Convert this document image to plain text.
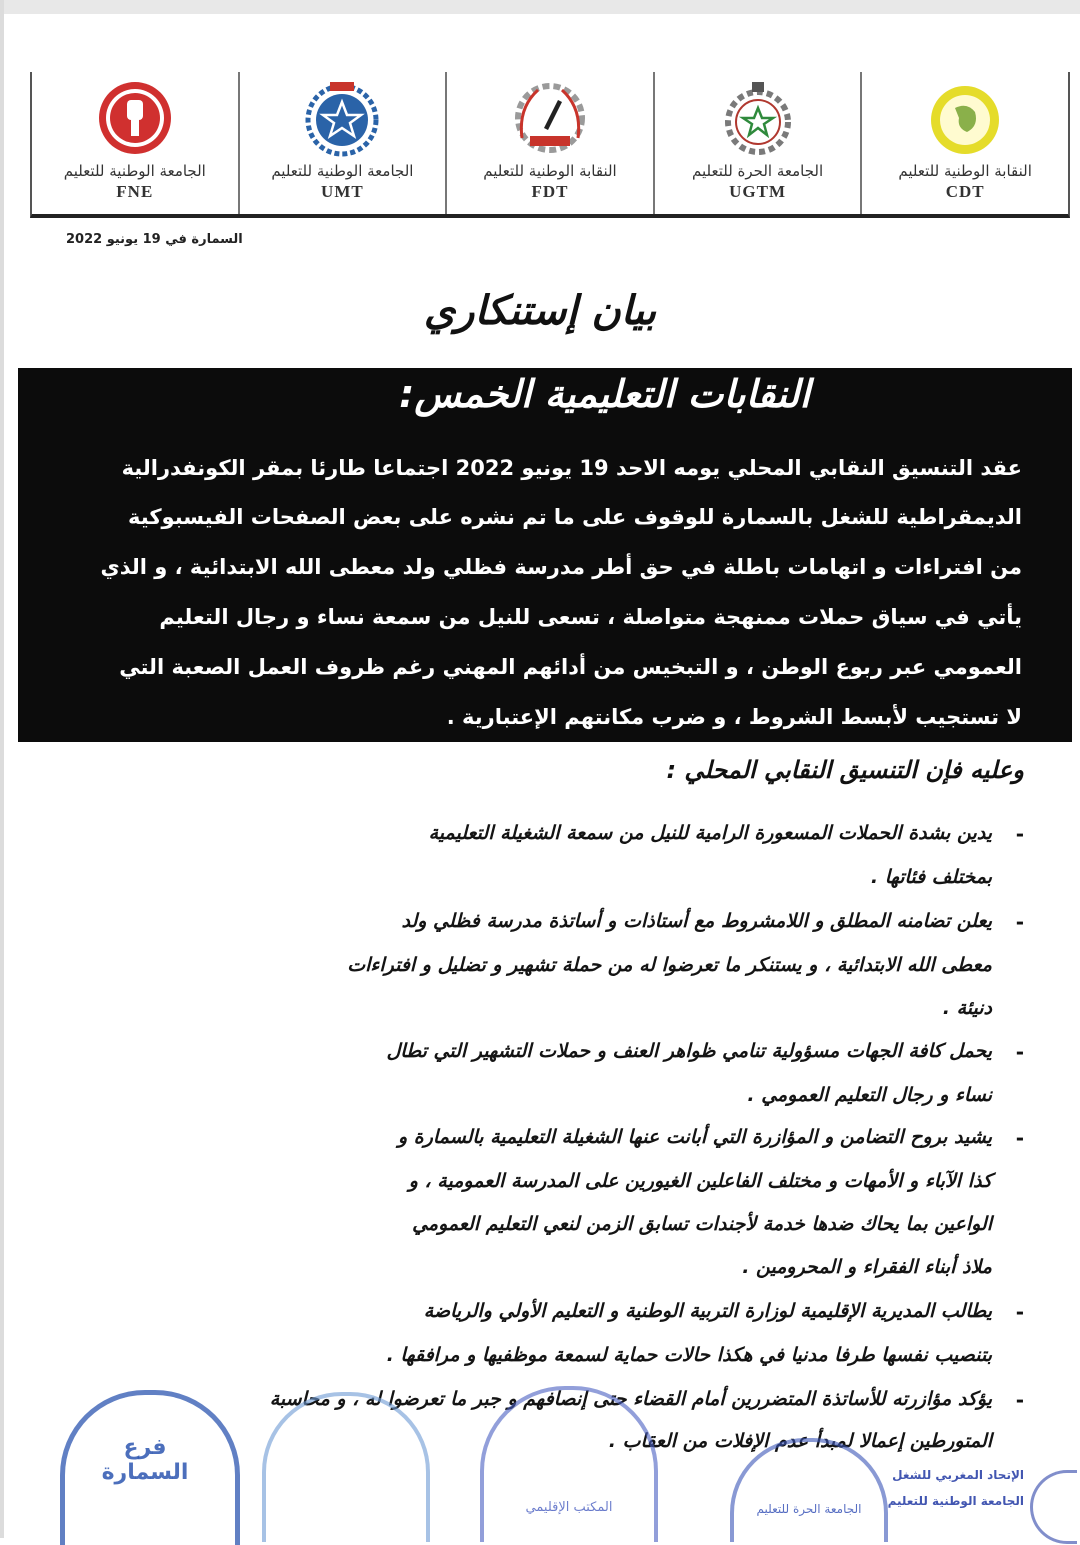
الجامعة الوطنية للتعليم
FNE
الجامعة الوطنية للتعليم
UMT
النقابة الوطنية للتعليم
FDT
الجامعة الحرة للتعليم
UGTM
النقابة الوطنية للتعليم
CDT
السمارة في 19 يونيو 2022
بيان إستنكاري
النقابات التعليمية الخمس:
عقد التنسيق النقابي المحلي يومه الاحد 19 يونيو 2022 اجتماعا طارئا بمقر الكونفدرالية
الديمقراطية للشغل بالسمارة للوقوف على ما تم نشره على بعض الصفحات الفيسبوكية
من افتراءات و اتهامات باطلة في حق أطر مدرسة فظلي ولد معطى الله الابتدائية ، و الذي
يأتي في سياق حملات ممنهجة متواصلة ، تسعى للنيل من سمعة نساء و رجال التعليم
العمومي عبر ربوع الوطن ، و التبخيس من أدائهم المهني رغم ظروف العمل الصعبة التي
لا تستجيب لأبسط الشروط ، و ضرب مكانتهم الإعتبارية .
وعليه فإن التنسيق النقابي المحلي :
-
يدين بشدة الحملات المسعورة الرامية للنيل من سمعة الشغيلة التعليمية
بمختلف فئاتها .
-
يعلن تضامنه المطلق و اللامشروط مع أستاذات و أساتذة مدرسة فظلي ولد
معطى الله الابتدائية ، و يستنكر ما تعرضوا له من حملة تشهير و تضليل و افتراءات
دنيئة .
-
يحمل كافة الجهات مسؤولية تنامي ظواهر العنف و حملات التشهير التي تطال
نساء و رجال التعليم العمومي .
-
يشيد بروح التضامن و المؤازرة التي أبانت عنها الشغيلة التعليمية بالسمارة و
كذا الآباء و الأمهات و مختلف الفاعلين الغيورين على المدرسة العمومية ، و
الواعين بما يحاك ضدها خدمة لأجندات تسابق الزمن لنعي التعليم العمومي
ملاذ أبناء الفقراء و المحرومين .
-
يطالب المديرية الإقليمية لوزارة التربية الوطنية و التعليم الأولي والرياضة
بتنصيب نفسها طرفا مدنيا في هكذا حالات حماية لسمعة موظفيها و مرافقها .
-
يؤكد مؤازرته للأساتذة المتضررين أمام القضاء حتى إنصافهم و جبر ما تعرضوا له ، و محاسبة
المتورطين إعمالا لمبدأ عدم الإفلات من العقاب .
فرع السمارة
المكتب الإقليمي	الجامعة الحرة للتعليم
الإتحاد المغربي للشغل
الجامعة الوطنية للتعليم
